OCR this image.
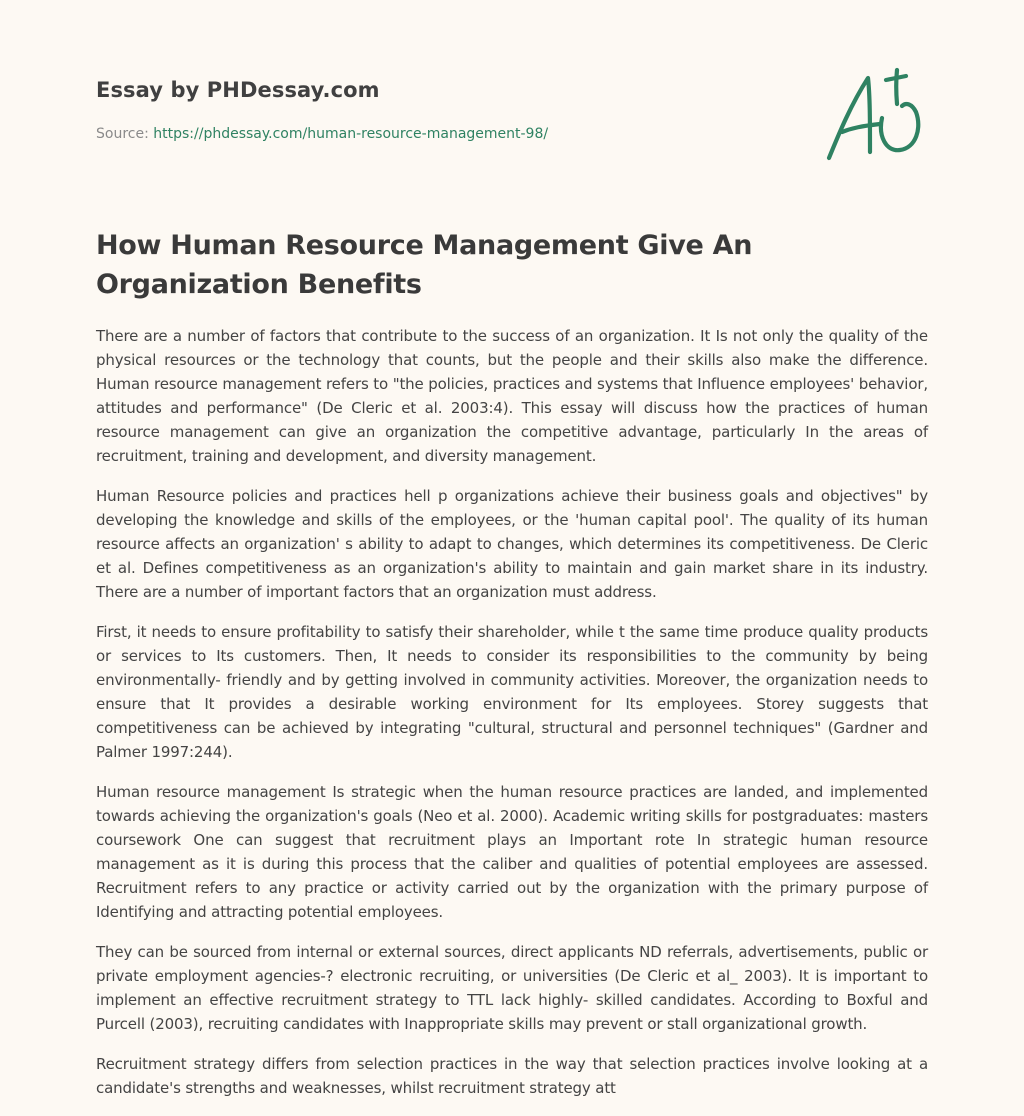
Essay by PHDessay.com
Source: https://phdessay.com/human-resource-management-98/
How Human Resource Management Give An Organization Benefits

There are a number of factors that contribute to the success of an organization. It Is not only the quality of the physical resources or the technology that counts, but the people and their skills also make the difference. Human resource management refers to "the policies, practices and systems that Influence employees' behavior, attitudes and performance" (De Cleric et al. 2003:4). This essay will discuss how the practices of human resource management can give an organization the competitive advantage, particularly In the areas of recruitment, training and development, and diversity management.

Human Resource policies and practices hell p organizations achieve their business goals and objectives" by developing the knowledge and skills of the employees, or the 'human capital pool'. The quality of its human resource affects an organization' s ability to adapt to changes, which determines its competitiveness. De Cleric et al. Defines competitiveness as an organization's ability to maintain and gain market share in its industry. There are a number of important factors that an organization must address.

First, it needs to ensure profitability to satisfy their shareholder, while t the same time produce quality products or services to Its customers. Then, It needs to consider its responsibilities to the community by being environmentally- friendly and by getting involved in community activities. Moreover, the organization needs to ensure that It provides a desirable working environment for Its employees. Storey suggests that competitiveness can be achieved by integrating "cultural, structural and personnel techniques" (Gardner and Palmer 1997:244).

Human resource management Is strategic when the human resource practices are landed, and implemented towards achieving the organization's goals (Neo et al. 2000). Academic writing skills for postgraduates: masters coursework One can suggest that recruitment plays an Important rote In strategic human resource management as it is during this process that the caliber and qualities of potential employees are assessed. Recruitment refers to any practice or activity carried out by the organization with the primary purpose of Identifying and attracting potential employees.

They can be sourced from internal or external sources, direct applicants ND referrals, advertisements, public or private employment agencies-? electronic recruiting, or universities (De Cleric et al_ 2003). It is important to implement an effective recruitment strategy to TTL lack highly- skilled candidates. According to Boxful and Purcell (2003), recruiting candidates with Inappropriate skills may prevent or stall organizational growth.

Recruitment strategy differs from selection practices in the way that selection practices involve looking at a candidate's strengths and weaknesses, whilst recruitment strategy att
